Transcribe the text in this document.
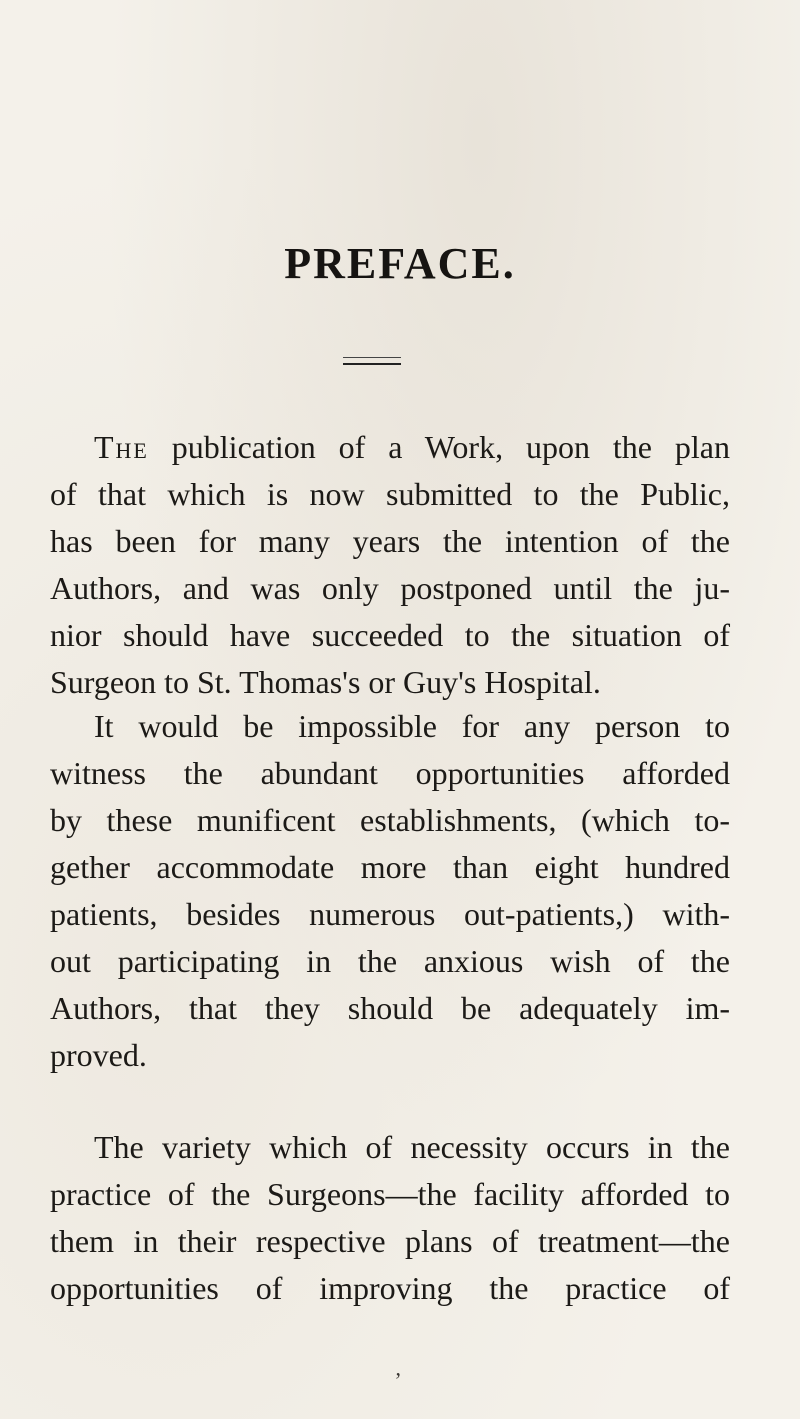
PREFACE.
The publication of a Work, upon the plan
of that which is now submitted to the Public,
has been for many years the intention of the
Authors, and was only postponed until the ju-
nior should have succeeded to the situation of
Surgeon to St. Thomas's or Guy's Hospital.
It would be impossible for any person to
witness the abundant opportunities afforded
by these munificent establishments, (which to-
gether accommodate more than eight hundred
patients, besides numerous out-patients,) with-
out participating in the anxious wish of the
Authors, that they should be adequately im-
proved.
The variety which of necessity occurs in the
practice of the Surgeons—the facility afforded to
them in their respective plans of treatment—the
opportunities of improving the practice of
ʼ
